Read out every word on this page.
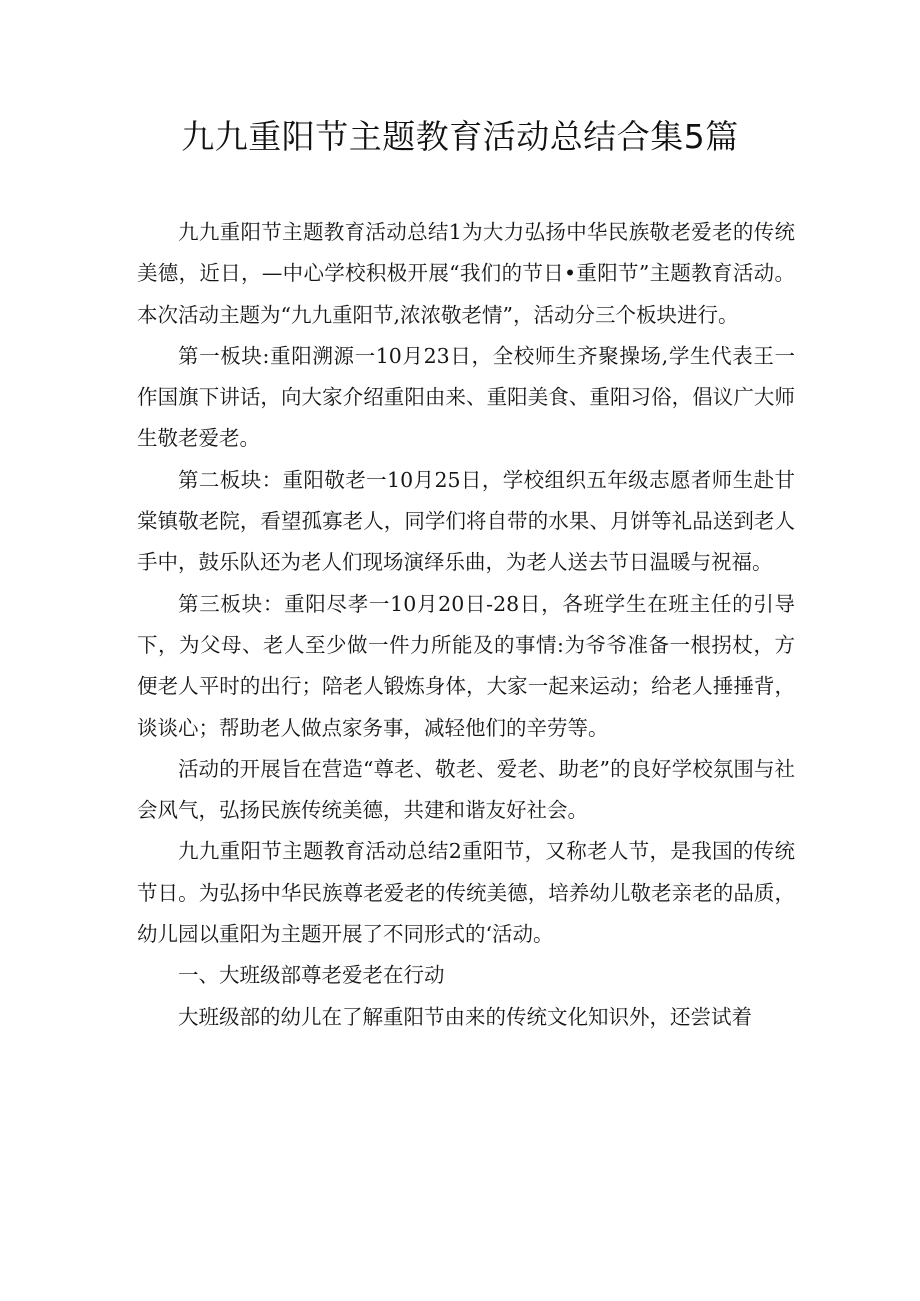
九九重阳节主题教育活动总结合集5篇

九九重阳节主题教育活动总结1为大力弘扬中华民族敬老爱老的传统美德，近日，—中心学校积极开展“我们的节日•重阳节”主题教育活动。本次活动主题为“九九重阳节,浓浓敬老情”，活动分三个板块进行。

第一板块:重阳溯源一10月23日，全校师生齐聚操场,学生代表王一作国旗下讲话，向大家介绍重阳由来、重阳美食、重阳习俗，倡议广大师生敬老爱老。

第二板块：重阳敬老一10月25日，学校组织五年级志愿者师生赴甘棠镇敬老院，看望孤寡老人，同学们将自带的水果、月饼等礼品送到老人手中，鼓乐队还为老人们现场演绎乐曲，为老人送去节日温暖与祝福。

第三板块：重阳尽孝一10月20日-28日，各班学生在班主任的引导下，为父母、老人至少做一件力所能及的事情:为爷爷准备一根拐杖，方便老人平时的出行；陪老人锻炼身体，大家一起来运动；给老人捶捶背，谈谈心；帮助老人做点家务事，减轻他们的辛劳等。

活动的开展旨在营造“尊老、敬老、爱老、助老”的良好学校氛围与社会风气，弘扬民族传统美德，共建和谐友好社会。

九九重阳节主题教育活动总结2重阳节，又称老人节，是我国的传统节日。为弘扬中华民族尊老爱老的传统美德，培养幼儿敬老亲老的品质，幼儿园以重阳为主题开展了不同形式的‘活动。

一、大班级部尊老爱老在行动

大班级部的幼儿在了解重阳节由来的传统文化知识外，还尝试着
